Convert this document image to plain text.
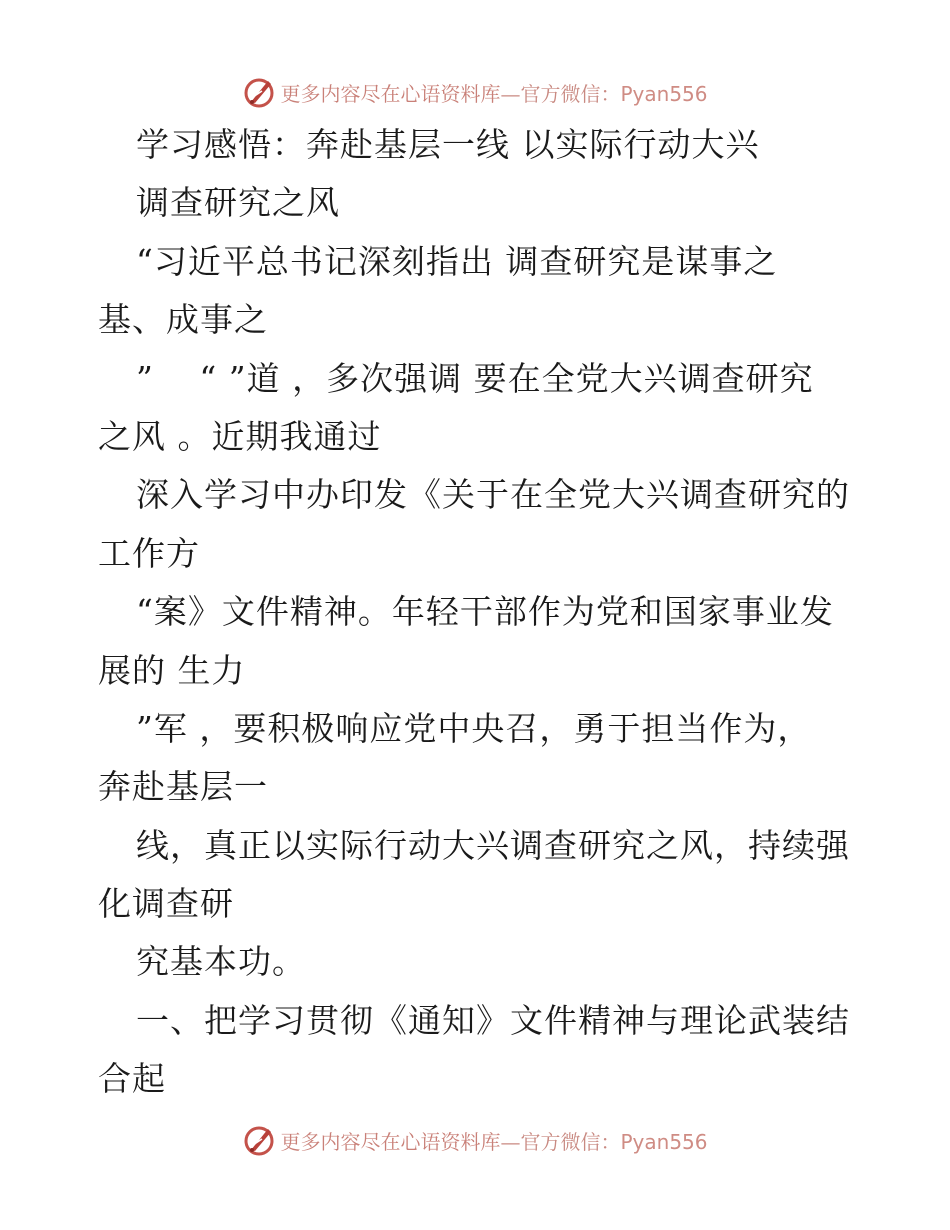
更多内容尽在心语资料库—官方微信：Pyan556
学习感悟：奔赴基层一线 以实际行动大兴
调查研究之风
“习近平总书记深刻指出 调查研究是谋事之
基、成事之
”　 “ ”道 ，多次强调 要在全党大兴调查研究
之风 。近期我通过
深入学习中办印发《关于在全党大兴调查研究的
工作方
“案》文件精神。年轻干部作为党和国家事业发
展的 生力
”军 ，要积极响应党中央召，勇于担当作为，
奔赴基层一
线，真正以实际行动大兴调查研究之风，持续强
化调查研
究基本功。
一、把学习贯彻《通知》文件精神与理论武装结
合起
更多内容尽在心语资料库—官方微信：Pyan556
